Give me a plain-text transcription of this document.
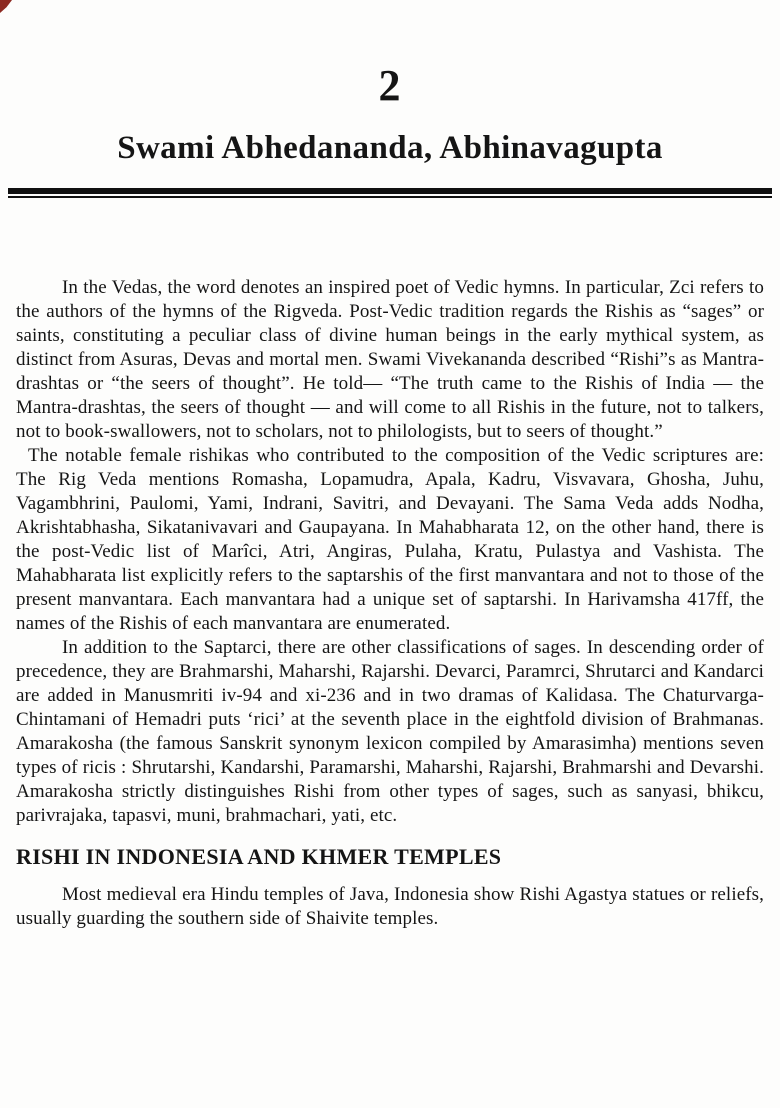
2
Swami Abhedananda, Abhinavagupta

In the Vedas, the word denotes an inspired poet of Vedic hymns. In particular, Zci refers to the authors of the hymns of the Rigveda. Post-Vedic tradition regards the Rishis as “sages” or saints, constituting a peculiar class of divine human beings in the early mythical system, as distinct from Asuras, Devas and mortal men. Swami Vivekananda described “Rishi”s as Mantra-drashtas or “the seers of thought”. He told— “The truth came to the Rishis of India — the Mantra-drashtas, the seers of thought — and will come to all Rishis in the future, not to talkers, not to book-swallowers, not to scholars, not to philologists, but to seers of thought.”

The notable female rishikas who contributed to the composition of the Vedic scriptures are: The Rig Veda mentions Romasha, Lopamudra, Apala, Kadru, Visvavara, Ghosha, Juhu, Vagambhrini, Paulomi, Yami, Indrani, Savitri, and Devayani. The Sama Veda adds Nodha, Akrishtabhasha, Sikatanivavari and Gaupayana. In Mahabharata 12, on the other hand, there is the post-Vedic list of Marîci, Atri, Angiras, Pulaha, Kratu, Pulastya and Vashista. The Mahabharata list explicitly refers to the saptarshis of the first manvantara and not to those of the present manvantara. Each manvantara had a unique set of saptarshi. In Harivamsha 417ff, the names of the Rishis of each manvantara are enumerated.

In addition to the Saptarci, there are other classifications of sages. In descending order of precedence, they are Brahmarshi, Maharshi, Rajarshi. Devarci, Paramrci, Shrutarci and Kandarci are added in Manusmriti iv-94 and xi-236 and in two dramas of Kalidasa. The Chaturvarga-Chintamani of Hemadri puts ‘rici’ at the seventh place in the eightfold division of Brahmanas. Amarakosha (the famous Sanskrit synonym lexicon compiled by Amarasimha) mentions seven types of ricis : Shrutarshi, Kandarshi, Paramarshi, Maharshi, Rajarshi, Brahmarshi and Devarshi. Amarakosha strictly distinguishes Rishi from other types of sages, such as sanyasi, bhikcu, parivrajaka, tapasvi, muni, brahmachari, yati, etc.

RISHI IN INDONESIA AND KHMER TEMPLES

Most medieval era Hindu temples of Java, Indonesia show Rishi Agastya statues or reliefs, usually guarding the southern side of Shaivite temples.
